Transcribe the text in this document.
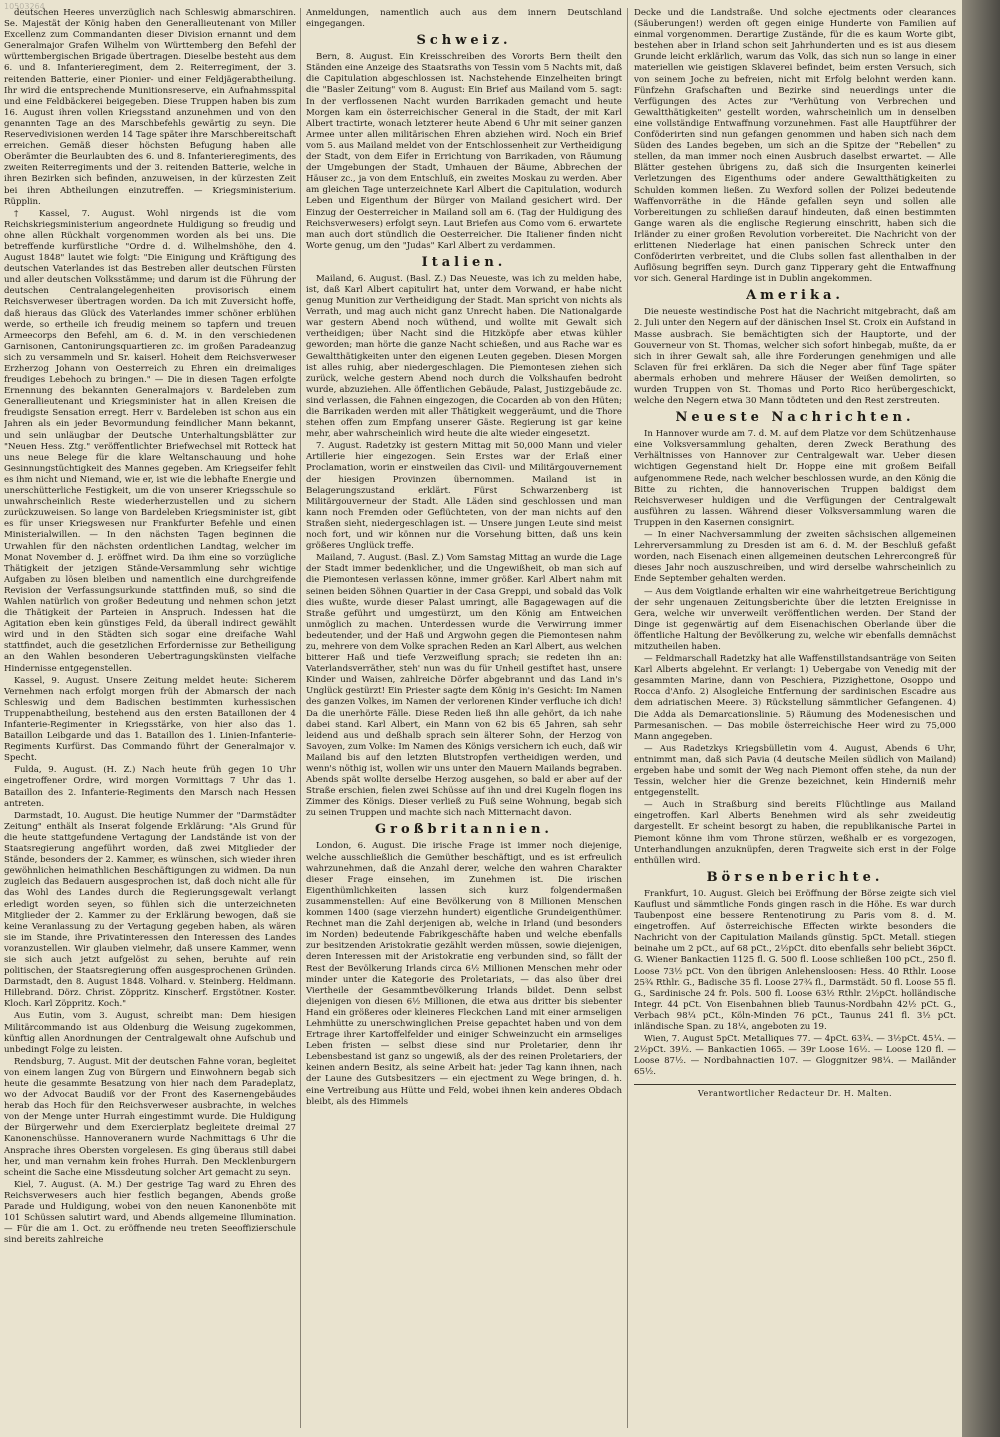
10503264

deutschen Heeres unverzüglich nach Schleswig abmarschiren. Se. Majestät der König haben den Generallieutenant von Miller Excellenz zum Commandanten dieser Division ernannt und dem Generalmajor Grafen Wilhelm von Württemberg den Befehl der württembergischen Brigade übertragen. Dieselbe besteht aus dem 6. und 8. Infanterieregiment, dem 2. Reiterregiment, der 3. reitenden Batterie, einer Pionier- und einer Feldjägerabtheilung. Ihr wird die entsprechende Munitionsreserve, ein Aufnahmsspital und eine Feldbäckerei beigegeben. Diese Truppen haben bis zum 16. August ihren vollen Kriegsstand anzunehmen und von den genannten Tage an des Marschbefehls gewärtig zu seyn. Die Reservedivisionen werden 14 Tage später ihre Marschbereitschaft erreichen. Gemäß dieser höchsten Befugung haben alle Oberämter die Beurlaubten des 6. und 8. Infanterieregiments, des zweiten Reiterregiments und der 3. reitenden Batterie, welche in ihren Bezirken sich befinden, anzuweisen, in der kürzesten Zeit bei ihren Abtheilungen einzutreffen. — Kriegsministerium. Rüpplin.

† Kassel, 7. August. Wohl nirgends ist die vom Reichskriegsministerium angeordnete Huldigung so freudig und ohne allen Rückhalt vorgenommen worden als bei uns. Die betreffende kurfürstliche "Ordre d. d. Wilhelmshöhe, den 4. August 1848" lautet wie folgt: "Die Einigung und Kräftigung des deutschen Vaterlandes ist das Bestreben aller deutschen Fürsten und aller deutschen Volksstämme; und darum ist die Führung der deutschen Centralangelegenheiten provisorisch einem Reichsverweser übertragen worden. Da ich mit Zuversicht hoffe, daß hieraus das Glück des Vaterlandes immer schöner erblühen werde, so ertheile ich freudig meinem so tapfern und treuen Armeecorps den Befehl, am 6. d. M. in den verschiedenen Garnisonen, Cantonirungsquartieren zc. im großen Paradeanzug sich zu versammeln und Sr. kaiserl. Hoheit dem Reichsverweser Erzherzog Johann von Oesterreich zu Ehren ein dreimaliges freudiges Lebehoch zu bringen." — Die in diesen Tagen erfolgte Ernennung des bekannten Generalmajors v. Bardeleben zum Generallieutenant und Kriegsminister hat in allen Kreisen die freudigste Sensation erregt. Herr v. Bardeleben ist schon aus ein Jahren als ein jeder Bevormundung feindlicher Mann bekannt, und sein unläugbar der Deutsche Unterhaltungsblätter zur "Neuen Hess. Ztg." veröffentlichter Briefwechsel mit Rotteck hat uns neue Belege für die klare Weltanschauung und hohe Gesinnungstüchtigkeit des Mannes gegeben. Am Kriegseifer fehlt es ihm nicht und Niemand, wie er, ist wie die lebhafte Energie und unerschütterliche Festigkeit, um die von unserer Kriegsschule so unwahrscheinlich Reste wiederherzustellen und zu sichern zurückzuweisen. So lange von Bardeleben Kriegsminister ist, gibt es für unser Kriegswesen nur Frankfurter Befehle und einen Ministerialwillen. — In den nächsten Tagen beginnen die Urwahlen für den nächsten ordentlichen Landtag, welcher im Monat November d. J. eröffnet wird. Da ihm eine so vorzügliche Thätigkeit der jetzigen Stände-Versammlung sehr wichtige Aufgaben zu lösen bleiben und namentlich eine durchgreifende Revision der Verfassungsurkunde stattfinden muß, so sind die Wahlen natürlich von großer Bedeutung und nehmen schon jetzt die Thätigkeit der Parteien in Anspruch. Indessen hat die Agitation eben kein günstiges Feld, da überall indirect gewählt wird und in den Städten sich sogar eine dreifache Wahl stattfindet, auch die gesetzlichen Erfordernisse zur Betheiligung an den Wahlen besonderen Uebertragungskünsten vielfache Hindernisse entgegenstellen.

Kassel, 9. August. Unsere Zeitung meldet heute: Sicherem Vernehmen nach erfolgt morgen früh der Abmarsch der nach Schleswig und dem Badischen bestimmten kurhessischen Truppenabtheilung, bestehend aus den ersten Bataillonen der 4 Infanterie-Regimenter in Kriegsstärke, von hier also das 1. Bataillon Leibgarde und das 1. Bataillon des 1. Linien-Infanterie-Regiments Kurfürst. Das Commando führt der Generalmajor v. Specht.

Fulda, 9. August. (H. Z.) Nach heute früh gegen 10 Uhr eingetroffener Ordre, wird morgen Vormittags 7 Uhr das 1. Bataillon des 2. Infanterie-Regiments den Marsch nach Hessen antreten.

Darmstadt, 10. August. Die heutige Nummer der "Darmstädter Zeitung" enthält als Inserat folgende Erklärung: "Als Grund für die heute stattgefundene Vertagung der Landstände ist von der Staatsregierung angeführt worden, daß zwei Mitglieder der Stände, besonders der 2. Kammer, es wünschen, sich wieder ihren gewöhnlichen heimathlichen Beschäftigungen zu widmen. Da nun zugleich das Bedauern ausgesprochen ist, daß doch nicht alle für das Wohl des Landes durch die Regierungsgewalt verlangt erledigt worden seyen, so fühlen sich die unterzeichneten Mitglieder der 2. Kammer zu der Erklärung bewogen, daß sie keine Veranlassung zu der Vertagung gegeben haben, als wären sie im Stande, ihre Privatinteressen den Interessen des Landes voranzustellen. Wir glauben vielmehr, daß unsere Kammer, wenn sie sich auch jetzt aufgelöst zu sehen, beruhte auf rein politischen, der Staatsregierung offen ausgesprochenen Gründen. Darmstadt, den 8. August 1848. Volhard. v. Steinberg. Heldmann. Hillebrand. Dörz. Christ. Zöppritz. Kinscherf. Ergstötner. Koster. Kloch. Karl Zöppritz. Koch."

Aus Eutin, vom 3. August, schreibt man: Dem hiesigen Militärcommando ist aus Oldenburg die Weisung zugekommen, künftig allen Anordnungen der Centralgewalt ohne Aufschub und unbedingt Folge zu leisten.

Rendsburg, 7. August. Mit der deutschen Fahne voran, begleitet von einem langen Zug von Bürgern und Einwohnern begab sich heute die gesammte Besatzung von hier nach dem Paradeplatz, wo der Advocat Baudiß vor der Front des Kasernengebäudes herab das Hoch für den Reichsverweser ausbrachte, in welches von der Menge unter Hurrah eingestimmt wurde. Die Huldigung der Bürgerwehr und dem Exercierplatz begleitete dreimal 27 Kanonenschüsse. Hannoveranern wurde Nachmittags 6 Uhr die Ansprache ihres Obersten vorgelesen. Es ging überaus still dabei her, und man vernahm kein frohes Hurrah. Den Mecklenburgern scheint die Sache eine Missdeutung solcher Art gemacht zu seyn.

Kiel, 7. August. (A. M.) Der gestrige Tag ward zu Ehren des Reichsverwesers auch hier festlich begangen, Abends große Parade und Huldigung, wobei von den neuen Kanonenböte mit 101 Schüssen salutirt ward, und Abends allgemeine Illumination. — Für die am 1. Oct. zu eröffnende neu treten Seeoffizierschule sind bereits zahlreiche

Anmeldungen, namentlich auch aus dem innern Deutschland eingegangen.

Schweiz.

Bern, 8. August. Ein Kreisschreiben des Vororts Bern theilt den Ständen eine Anzeige des Staatsraths von Tessin vom 5 Nachts mit, daß die Capitulation abgeschlossen ist. Nachstehende Einzelheiten bringt die "Basler Zeitung" vom 8. August: Ein Brief aus Mailand vom 5. sagt: In der verflossenen Nacht wurden Barrikaden gemacht und heute Morgen kam ein österreichischer General in die Stadt, der mit Karl Albert tractirte, wonach letzterer heute Abend 6 Uhr mit seiner ganzen Armee unter allen militärischen Ehren abziehen wird. Noch ein Brief vom 5. aus Mailand meldet von der Entschlossenheit zur Vertheidigung der Stadt, von dem Eifer in Errichtung von Barrikaden, von Räumung der Umgebungen der Stadt, Umhauen der Bäume, Abbrechen der Häuser zc., ja von dem Entschluß, ein zweites Moskau zu werden. Aber am gleichen Tage unterzeichnete Karl Albert die Capitulation, wodurch Leben und Eigenthum der Bürger von Mailand gesichert wird. Der Einzug der Oesterreicher in Mailand soll am 6. (Tag der Huldigung des Reichsverwesers) erfolgt seyn. Laut Briefen aus Como vom 6. erwartete man auch dort stündlich die Oesterreicher. Die Italiener finden nicht Worte genug, um den "Judas" Karl Albert zu verdammen.

Italien.

Mailand, 6. August. (Basl. Z.) Das Neueste, was ich zu melden habe, ist, daß Karl Albert capitulirt hat, unter dem Vorwand, er habe nicht genug Munition zur Vertheidigung der Stadt. Man spricht von nichts als Verrath, und mag auch nicht ganz Unrecht haben. Die Nationalgarde war gestern Abend noch wüthend, und wollte mit Gewalt sich vertheidigen; über Nacht sind die Hitzköpfe aber etwas kühler geworden; man hörte die ganze Nacht schießen, und aus Rache war es Gewaltthätigkeiten unter den eigenen Leuten gegeben. Diesen Morgen ist alles ruhig, aber niedergeschlagen. Die Piemontesen ziehen sich zurück, welche gestern Abend noch durch die Volkshaufen bedroht wurde, abzuziehen. Alle öffentlichen Gebäude, Palast, Justizgebäude zc. sind verlassen, die Fahnen eingezogen, die Cocarden ab von den Hüten; die Barrikaden werden mit aller Thätigkeit weggeräumt, und die Thore stehen offen zum Empfang unserer Gäste. Regierung ist gar keine mehr, aber wahrscheinlich wird heute die alte wieder eingesetzt.

7. August. Radetzky ist gestern Mittag mit 50,000 Mann und vieler Artillerie hier eingezogen. Sein Erstes war der Erlaß einer Proclamation, worin er einstweilen das Civil- und Militärgouvernement der hiesigen Provinzen übernommen. Mailand ist in Belagerungszustand erklärt. Fürst Schwarzenberg ist Militärgouverneur der Stadt. Alle Läden sind geschlossen und man kann noch Fremden oder Geflüchteten, von der man nichts auf den Straßen sieht, niedergeschlagen ist. — Unsere jungen Leute sind meist noch fort, und wir können nur die Vorsehung bitten, daß uns kein größeres Unglück treffe.

Mailand, 7. August. (Basl. Z.) Vom Samstag Mittag an wurde die Lage der Stadt immer bedenklicher, und die Ungewißheit, ob man sich auf die Piemontesen verlassen könne, immer größer. Karl Albert nahm mit seinen beiden Söhnen Quartier in der Casa Greppi, und sobald das Volk dies wußte, wurde dieser Palast umringt, alle Bagagewagen auf die Straße geführt und umgestürzt, um den König am Entweichen unmöglich zu machen. Unterdessen wurde die Verwirrung immer bedeutender, und der Haß und Argwohn gegen die Piemontesen nahm zu, mehrere von dem Volke sprachen Reden an Karl Albert, aus welchen bitterer Haß und tiefe Verzweiflung sprach; sie redeten ihn an: Vaterlandsverräther, steh' nun was du für Unheil gestiftet hast, unsere Kinder und Waisen, zahlreiche Dörfer abgebrannt und das Land in's Unglück gestürzt! Ein Priester sagte dem König in's Gesicht: Im Namen des ganzen Volkes, im Namen der verlorenen Kinder verfluche ich dich! Da die unerhörte Fälle. Diese Reden ließ ihn alle gehört, da ich nahe dabei stand. Karl Albert, ein Mann von 62 bis 65 Jahren, sah sehr leidend aus und deßhalb sprach sein älterer Sohn, der Herzog von Savoyen, zum Volke: Im Namen des Königs versichern ich euch, daß wir Mailand bis auf den letzten Blutstropfen vertheidigen werden, und wenn's nöthig ist, wollen wir uns unter den Mauern Mailands begraben. Abends spät wollte derselbe Herzog ausgehen, so bald er aber auf der Straße erschien, fielen zwei Schüsse auf ihn und drei Kugeln flogen ins Zimmer des Königs. Dieser verließ zu Fuß seine Wohnung, begab sich zu seinen Truppen und machte sich nach Mitternacht davon.

Großbritannien.

London, 6. August. Die irische Frage ist immer noch diejenige, welche ausschließlich die Gemüther beschäftigt, und es ist erfreulich wahrzunehmen, daß die Anzahl derer, welche den wahren Charakter dieser Frage einsehen, im Zunehmen ist. Die irischen Eigenthümlichkeiten lassen sich kurz folgendermaßen zusammenstellen: Auf eine Bevölkerung von 8 Millionen Menschen kommen 1400 (sage vierzehn hundert) eigentliche Grundeigenthümer. Rechnet man die Zahl derjenigen ab, welche in Irland (und besonders im Norden) bedeutende Fabrikgeschäfte haben und welche ebenfalls zur besitzenden Aristokratie gezählt werden müssen, sowie diejenigen, deren Interessen mit der Aristokratie eng verbunden sind, so fällt der Rest der Bevölkerung Irlands circa 6½ Millionen Menschen mehr oder minder unter die Kategorie des Proletariats, — das also über drei Viertheile der Gesammtbevölkerung Irlands bildet. Denn selbst diejenigen von diesen 6½ Millionen, die etwa aus dritter bis siebenter Hand ein größeres oder kleineres Fleckchen Land mit einer armseligen Lehmhütte zu unerschwinglichen Preise gepachtet haben und von dem Ertrage ihrer Kartoffelfelder und einiger Schweinzucht ein armseliges Leben fristen — selbst diese sind nur Proletarier, denn ihr Lebensbestand ist ganz so ungewiß, als der des reinen Proletariers, der keinen andern Besitz, als seine Arbeit hat: jeder Tag kann ihnen, nach der Laune des Gutsbesitzers — ein ejectment zu Wege bringen, d. h. eine Vertreibung aus Hütte und Feld, wobei ihnen kein anderes Obdach bleibt, als des Himmels

Decke und die Landstraße. Und solche ejectments oder clearances (Säuberungen!) werden oft gegen einige Hunderte von Familien auf einmal vorgenommen. Derartige Zustände, für die es kaum Worte gibt, bestehen aber in Irland schon seit Jahrhunderten und es ist aus diesem Grunde leicht erklärlich, warum das Volk, das sich nun so lange in einer materiellen wie geistigen Sklaverei befindet, beim ersten Versuch, sich von seinem Joche zu befreien, nicht mit Erfolg belohnt werden kann. Fünfzehn Grafschaften und Bezirke sind neuerdings unter die Verfügungen des Actes zur "Verhütung von Verbrechen und Gewaltthätigkeiten" gestellt worden, wahrscheinlich um in denselben eine vollständige Entwaffnung vorzunehmen. Fast alle Hauptführer der Conföderirten sind nun gefangen genommen und haben sich nach dem Süden des Landes begeben, um sich an die Spitze der "Rebellen" zu stellen, da man immer noch einen Ausbruch daselbst erwartet. — Alle Blätter gestehen übrigens zu, daß sich die Insurgenten keinerlei Verletzungen des Eigenthums oder andere Gewaltthätigkeiten zu Schulden kommen ließen. Zu Wexford sollen der Polizei bedeutende Waffenvorräthe in die Hände gefallen seyn und sollen alle Vorbereitungen zu schließen darauf hindeuten, daß einen bestimmten Gange waren als die englische Regierung einschritt, haben sich die Irländer zu einer großen Revolution vorbereitet. Die Nachricht von der erlittenen Niederlage hat einen panischen Schreck unter den Conföderirten verbreitet, und die Clubs sollen fast allenthalben in der Auflösung begriffen seyn. Durch ganz Tipperary geht die Entwaffnung vor sich. General Hardinge ist in Dublin angekommen.

Amerika.

Die neueste westindische Post hat die Nachricht mitgebracht, daß am 2. Juli unter den Negern auf der dänischen Insel St. Croix ein Aufstand in Masse ausbrach. Sie bemächtigten sich der Hauptorte, und der Gouverneur von St. Thomas, welcher sich sofort hinbegab, mußte, da er sich in ihrer Gewalt sah, alle ihre Forderungen genehmigen und alle Sclaven für frei erklären. Da sich die Neger aber fünf Tage später abermals erhoben und mehrere Häuser der Weißen demolirten, so wurden Truppen von St. Thomas und Porto Rico herübergeschickt, welche den Negern etwa 30 Mann tödteten und den Rest zerstreuten.

Neueste Nachrichten.

In Hannover wurde am 7. d. M. auf dem Platze vor dem Schützenhause eine Volksversammlung gehalten, deren Zweck Berathung des Verhältnisses von Hannover zur Centralgewalt war. Ueber diesen wichtigen Gegenstand hielt Dr. Hoppe eine mit großem Beifall aufgenommene Rede, nach welcher beschlossen wurde, an den König die Bitte zu richten, die hannoverischen Truppen baldigst dem Reichsverweser huldigen und die Verfügungen der Centralgewalt ausführen zu lassen. Während dieser Volksversammlung waren die Truppen in den Kasernen consignirt.

— In einer Nachversammlung der zweiten sächsischen allgemeinen Lehrerversammlung zu Dresden ist am 6. d. M. der Beschluß gefaßt worden, nach Eisenach einen allgemeinen deutschen Lehrercongreß für dieses Jahr noch auszuschreiben, und wird derselbe wahrscheinlich zu Ende September gehalten werden.

— Aus dem Voigtlande erhalten wir eine wahrheitgetreue Berichtigung der sehr ungenauen Zeitungsberichte über die letzten Ereignisse in Gera, welche wir unverweilt veröffentlichen werden. Der Stand der Dinge ist gegenwärtig auf dem Eisenachischen Oberlande über die öffentliche Haltung der Bevölkerung zu, welche wir ebenfalls demnächst mitzutheilen haben.

— Feldmarschall Radetzky hat alle Waffenstillstandsanträge von Seiten Karl Alberts abgelehnt. Er verlangt: 1) Uebergabe von Venedig mit der gesammten Marine, dann von Peschiera, Pizzighettone, Osoppo und Rocca d'Anfo. 2) Alsogleiche Entfernung der sardinischen Escadre aus dem adriatischen Meere. 3) Rückstellung sämmtlicher Gefangenen. 4) Die Adda als Demarcationslinie. 5) Räumung des Modenesischen und Parmesanischen. — Das mobile österreichische Heer wird zu 75,000 Mann angegeben.

— Aus Radetzkys Kriegsbülletin vom 4. August, Abends 6 Uhr, entnimmt man, daß sich Pavia (4 deutsche Meilen südlich von Mailand) ergeben habe und somit der Weg nach Piemont offen stehe, da nun der Tessin, welcher hier die Grenze bezeichnet, kein Hinderniß mehr entgegenstellt.

— Auch in Straßburg sind bereits Flüchtlinge aus Mailand eingetroffen. Karl Alberts Benehmen wird als sehr zweideutig dargestellt. Er scheint besorgt zu haben, die republikanische Partei in Piemont könne ihm vom Throne stürzen, weßhalb er es vorgezogen, Unterhandlungen anzuknüpfen, deren Tragweite sich erst in der Folge enthüllen wird.

Börsenberichte.

Frankfurt, 10. August. Gleich bei Eröffnung der Börse zeigte sich viel Kauflust und sämmtliche Fonds gingen rasch in die Höhe. Es war durch Taubenpost eine bessere Rentenotirung zu Paris vom 8. d. M. eingetroffen. Auf österreichische Effecten wirkte besonders die Nachricht von der Capitulation Mailands günstig. 5pCt. Metall. stiegen beinahe um 2 pCt., auf 68 pCt., 2½pCt. dito ebenfalls sehr beliebt 36pCt. G. Wiener Bankactien 1125 fl. G. 500 fl. Loose schließen 100 pCt., 250 fl. Loose 73½ pCt. Von den übrigen Anlehensloosen: Hess. 40 Rthlr. Loose 25¾ Rthlr. G., Badische 35 fl. Loose 27¾ fl., Darmstädt. 50 fl. Loose 55 fl. G., Sardinische 24 fr. Pols. 500 fl. Loose 63½ Rthlr. 2½pCt. holländische Integr. 44 pCt. Von Eisenbahnen blieb Taunus-Nordbahn 42½ pCt. G., Verbach 98¼ pCt., Köln-Minden 76 pCt., Taunus 241 fl. 3½ pCt. inländische Span. zu 18¼, angeboten zu 19.

Wien, 7. August 5pCt. Metalliques 77. — 4pCt. 63¾. — 3½pCt. 45¼. — 2½pCt. 39½. — Bankactien 1065. — 39r Loose 16½. — Loose 120 fl. — Loose 87½. — Nordbahnactien 107. — Gloggnitzer 98¼. — Mailänder 65½.

Verantwortlicher Redacteur Dr. H. Malten.
